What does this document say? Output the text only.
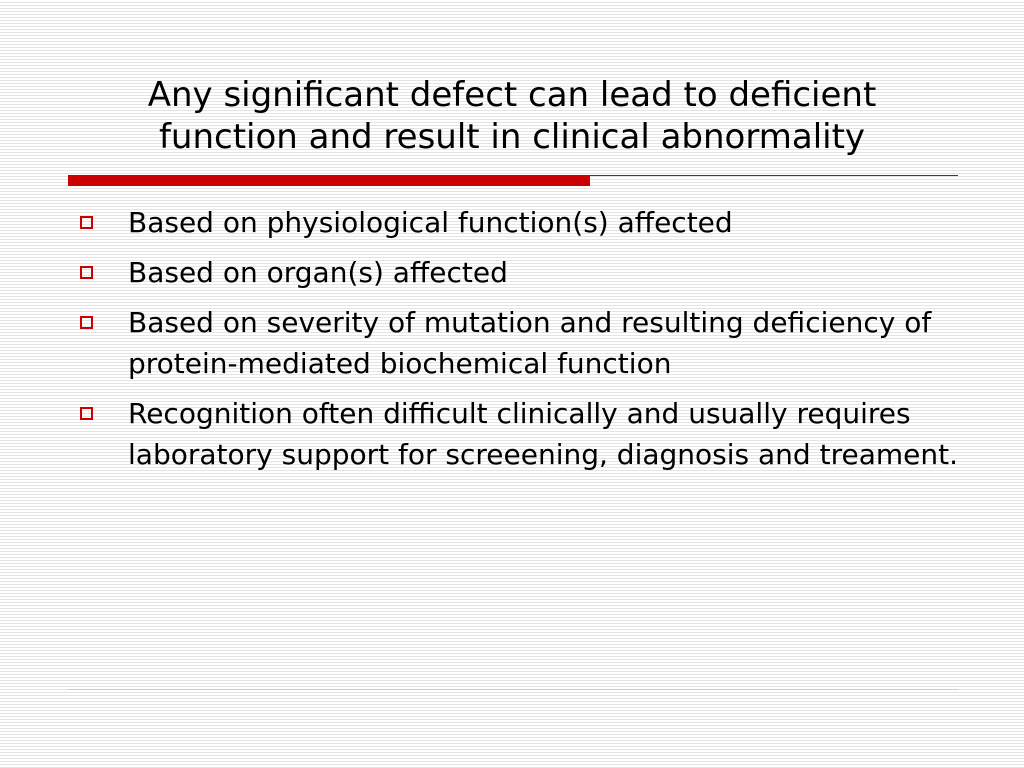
Any significant defect can lead to deficient
function and result in clinical abnormality
Based on physiological function(s) affected
Based on organ(s) affected
Based on severity of mutation and resulting deficiency of protein-mediated biochemical function
Recognition often difficult clinically and usually requires laboratory support for screeening, diagnosis and treament.
